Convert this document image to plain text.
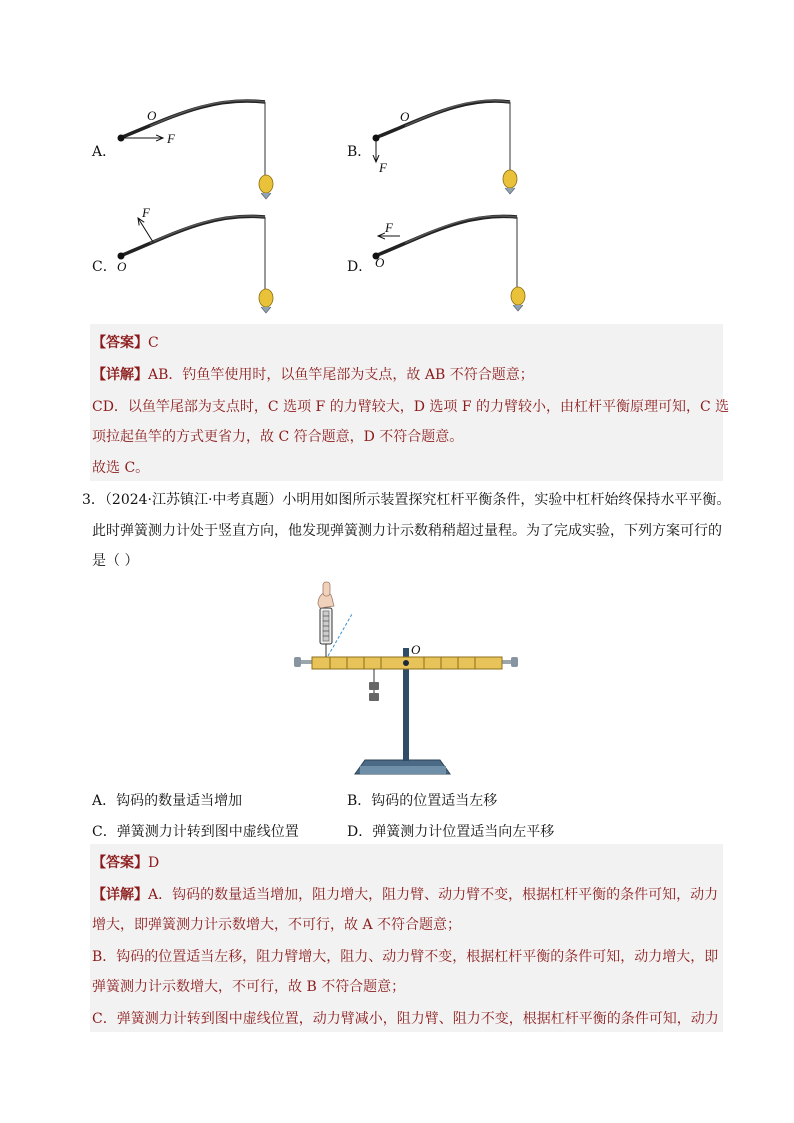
A．
O
F
B．
O
F
C． O
F
D． O
F
【答案】C
【详解】AB．钓鱼竿使用时，以鱼竿尾部为支点，故 AB 不符合题意；
CD．以鱼竿尾部为支点时，C 选项 F 的力臂较大，D 选项 F 的力臂较小，由杠杆平衡原理可知，C 选
项拉起鱼竿的方式更省力，故 C 符合题意，D 不符合题意。
故选 C。
3．（2024·江苏镇江·中考真题）小明用如图所示装置探究杠杆平衡条件，实验中杠杆始终保持水平平衡。
此时弹簧测力计处于竖直方向，他发现弹簧测力计示数稍稍超过量程。为了完成实验，下列方案可行的
是（ ）
O
A．钩码的数量适当增加	B．钩码的位置适当左移
C．弹簧测力计转到图中虚线位置	D．弹簧测力计位置适当向左平移
【答案】D
【详解】A．钩码的数量适当增加，阻力增大，阻力臂、动力臂不变，根据杠杆平衡的条件可知，动力
增大，即弹簧测力计示数增大，不可行，故 A 不符合题意；
B．钩码的位置适当左移，阻力臂增大，阻力、动力臂不变，根据杠杆平衡的条件可知，动力增大，即
弹簧测力计示数增大，不可行，故 B 不符合题意；
C．弹簧测力计转到图中虚线位置，动力臂减小，阻力臂、阻力不变，根据杠杆平衡的条件可知，动力
